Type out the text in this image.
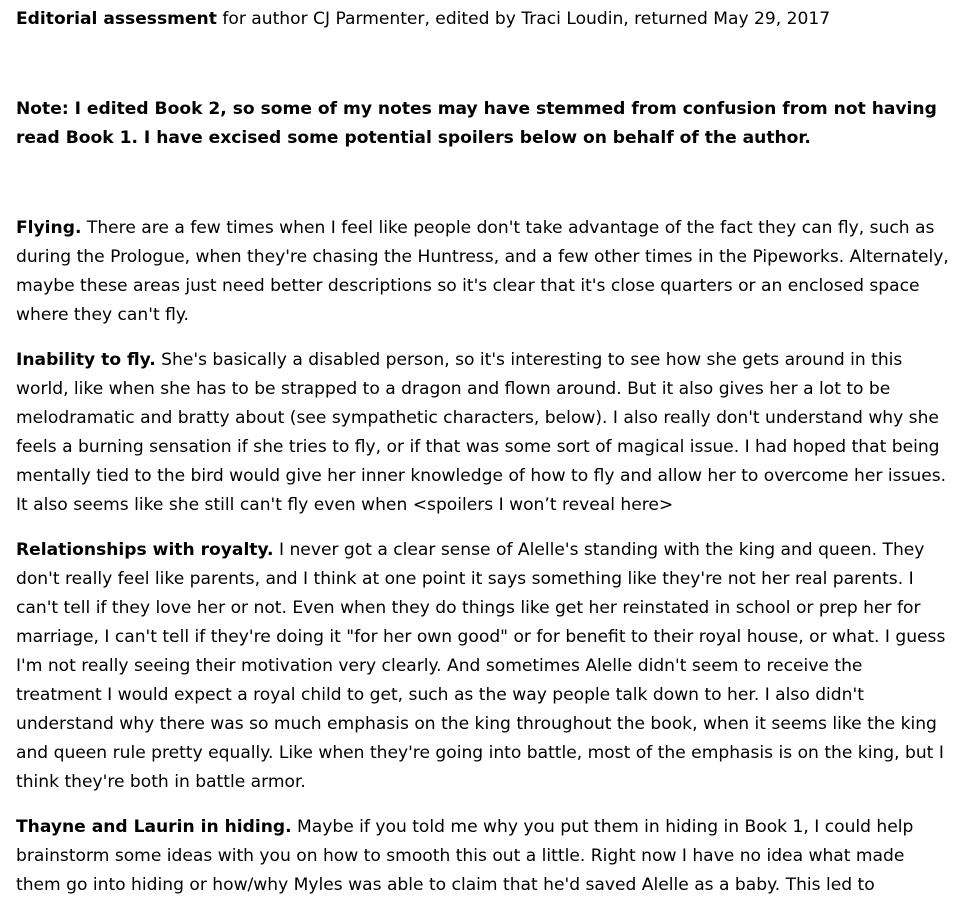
Editorial assessment for author CJ Parmenter, edited by Traci Loudin, returned May 29, 2017

Note: I edited Book 2, so some of my notes may have stemmed from confusion from not having read Book 1. I have excised some potential spoilers below on behalf of the author.

Flying. There are a few times when I feel like people don't take advantage of the fact they can fly, such as during the Prologue, when they're chasing the Huntress, and a few other times in the Pipeworks. Alternately, maybe these areas just need better descriptions so it's clear that it's close quarters or an enclosed space where they can't fly.

Inability to fly. She's basically a disabled person, so it's interesting to see how she gets around in this world, like when she has to be strapped to a dragon and flown around. But it also gives her a lot to be melodramatic and bratty about (see sympathetic characters, below). I also really don't understand why she feels a burning sensation if she tries to fly, or if that was some sort of magical issue. I had hoped that being mentally tied to the bird would give her inner knowledge of how to fly and allow her to overcome her issues. It also seems like she still can't fly even when <spoilers I won’t reveal here>

Relationships with royalty. I never got a clear sense of Alelle's standing with the king and queen. They don't really feel like parents, and I think at one point it says something like they're not her real parents. I can't tell if they love her or not. Even when they do things like get her reinstated in school or prep her for marriage, I can't tell if they're doing it "for her own good" or for benefit to their royal house, or what. I guess I'm not really seeing their motivation very clearly. And sometimes Alelle didn't seem to receive the treatment I would expect a royal child to get, such as the way people talk down to her. I also didn't understand why there was so much emphasis on the king throughout the book, when it seems like the king and queen rule pretty equally. Like when they're going into battle, most of the emphasis is on the king, but I think they're both in battle armor.

Thayne and Laurin in hiding. Maybe if you told me why you put them in hiding in Book 1, I could help brainstorm some ideas with you on how to smooth this out a little. Right now I have no idea what made them go into hiding or how/why Myles was able to claim that he'd saved Alelle as a baby. This led to
